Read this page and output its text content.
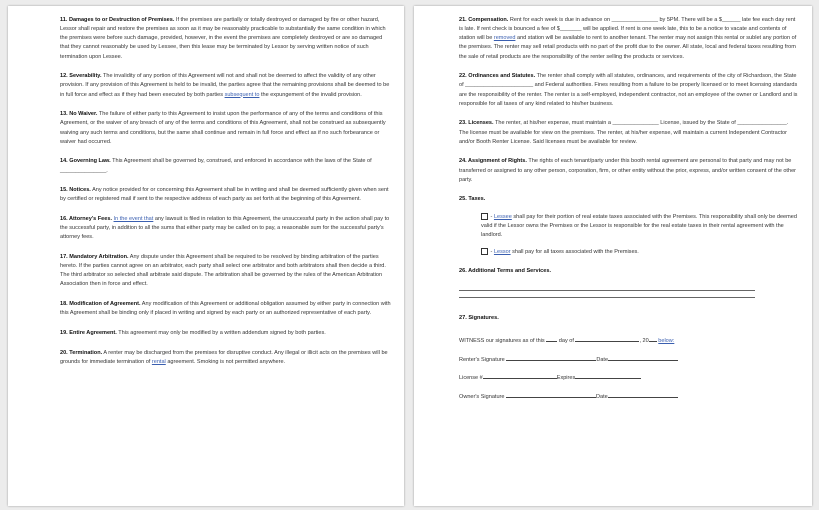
11. Damages to or Destruction of Premises. If the premises are partially or totally destroyed or damaged by fire or other hazard, Lessor shall repair and restore the premises as soon as it may be reasonably practicable to substantially the same condition in which the premises were before such damage, provided, however, in the event the premises are completely destroyed or are so damaged that they cannot reasonably be used by Lessee, then this lease may be terminated by Lessor by serving written notice of such termination upon Lessee.

12. Severability. The invalidity of any portion of this Agreement will not and shall not be deemed to affect the validity of any other provision. If any provision of this Agreement is held to be invalid, the parties agree that the remaining provisions shall be deemed to be in full force and effect as if they had been executed by both parties subsequent to the expungement of the invalid provision.

13. No Waiver. The failure of either party to this Agreement to insist upon the performance of any of the terms and conditions of this Agreement, or the waiver of any breach of any of the terms and conditions of this Agreement, shall not be construed as subsequently waiving any such terms and conditions, but the same shall continue and remain in full force and effect as if no such forbearance or waiver had occurred.

14. Governing Law. This Agreement shall be governed by, construed, and enforced in accordance with the laws of the State of _______________.

15. Notices. Any notice provided for or concerning this Agreement shall be in writing and shall be deemed sufficiently given when sent by certified or registered mail if sent to the respective address of each party as set forth at the beginning of this Agreement.

16. Attorney's Fees. In the event that any lawsuit is filed in relation to this Agreement, the unsuccessful party in the action shall pay to the successful party, in addition to all the sums that either party may be called on to pay, a reasonable sum for the successful party's attorney fees.

17. Mandatory Arbitration. Any dispute under this Agreement shall be required to be resolved by binding arbitration of the parties hereto. If the parties cannot agree on an arbitrator, each party shall select one arbitrator and both arbitrators shall then decide a third. The third arbitrator so selected shall arbitrate said dispute. The arbitration shall be governed by the rules of the American Arbitration Association then in force and effect.

18. Modification of Agreement. Any modification of this Agreement or additional obligation assumed by either party in connection with this Agreement shall be binding only if placed in writing and signed by each party or an authorized representative of each party.

19. Entire Agreement. This agreement may only be modified by a written addendum signed by both parties.

20. Termination. A renter may be discharged from the premises for disruptive conduct. Any illegal or illicit acts on the premises will be grounds for immediate termination of rental agreement. Smoking is not permitted anywhere.

21. Compensation. Rent for each week is due in advance on _______________ by 5PM. There will be a $______ late fee each day rent is late. If rent check is bounced a fee of $_______ will be applied. If rent is one week late, this to be a notice to vacate and contents of station will be removed and station will be available to rent to another tenant. The renter may not assign this rental or sublet any portion of the premises. The renter may sell retail products with no part of the profit due to the owner. All state, local and federal taxes resulting from the sale of retail products are the responsibility of the renter selling the products or services.

22. Ordinances and Statutes. The renter shall comply with all statutes, ordinances, and requirements of the city of Richardson, the State of ______________________ and Federal authorities. Fines resulting from a failure to be properly licensed or to meet licensing standards are the responsibility of the renter. The renter is a self-employed, independent contractor, not an employee of the owner or Landlord and is responsible for all taxes of any kind related to his/her business.

23. Licenses. The renter, at his/her expense, must maintain a _______________ License, issued by the State of ________________. The license must be available for view on the premises. The renter, at his/her expense, will maintain a current Independent Contractor and/or Booth Renter License. Said licenses must be available for review.

24. Assignment of Rights. The rights of each tenant/party under this booth rental agreement are personal to that party and may not be transferred or assigned to any other person, corporation, firm, or other entity without the prior, express, and/or written consent of the other party.

25. Taxes.

- Lessee shall pay for their portion of real estate taxes associated with the Premises. This responsibility shall only be deemed valid if the Lessor owns the Premises or the Lessor is responsible for the real estate taxes in their rental agreement with the landlord.

- Lessor shall pay for all taxes associated with the Premises.

26. Additional Terms and Services.

27. Signatures.

WITNESS our signatures as of this	day of	, 20 below:

Renter's Signature	Date

License #	Expires

Owner's Signature	Date
